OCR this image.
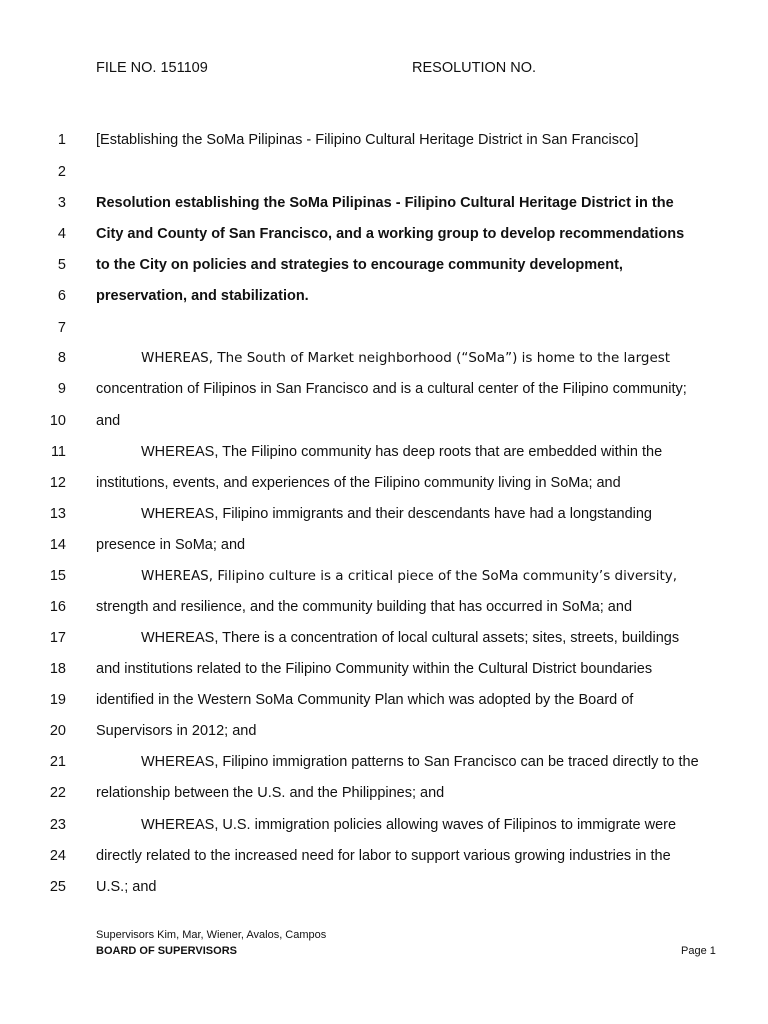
FILE NO. 151109	RESOLUTION NO.
1 [Establishing the SoMa Pilipinas - Filipino Cultural Heritage District in San Francisco]
2
3 Resolution establishing the SoMa Pilipinas - Filipino Cultural Heritage District in the
4 City and County of San Francisco, and a working group to develop recommendations
5 to the City on policies and strategies to encourage community development,
6 preservation, and stabilization.
7
8	WHEREAS, The South of Market neighborhood (“SoMa”) is home to the largest
9 concentration of Filipinos in San Francisco and is a cultural center of the Filipino community;
10 and
11	WHEREAS, The Filipino community has deep roots that are embedded within the
12 institutions, events, and experiences of the Filipino community living in SoMa; and
13	WHEREAS, Filipino immigrants and their descendants have had a longstanding
14 presence in SoMa; and
15	WHEREAS, Filipino culture is a critical piece of the SoMa community’s diversity,
16 strength and resilience, and the community building that has occurred in SoMa; and
17	WHEREAS, There is a concentration of local cultural assets; sites, streets, buildings
18 and institutions related to the Filipino Community within the Cultural District boundaries
19 identified in the Western SoMa Community Plan which was adopted by the Board of
20 Supervisors in 2012; and
21	WHEREAS, Filipino immigration patterns to San Francisco can be traced directly to the
22 relationship between the U.S. and the Philippines; and
23	WHEREAS, U.S. immigration policies allowing waves of Filipinos to immigrate were
24 directly related to the increased need for labor to support various growing industries in the
25 U.S.; and
Supervisors Kim, Mar, Wiener, Avalos, Campos
BOARD OF SUPERVISORS	Page 1
